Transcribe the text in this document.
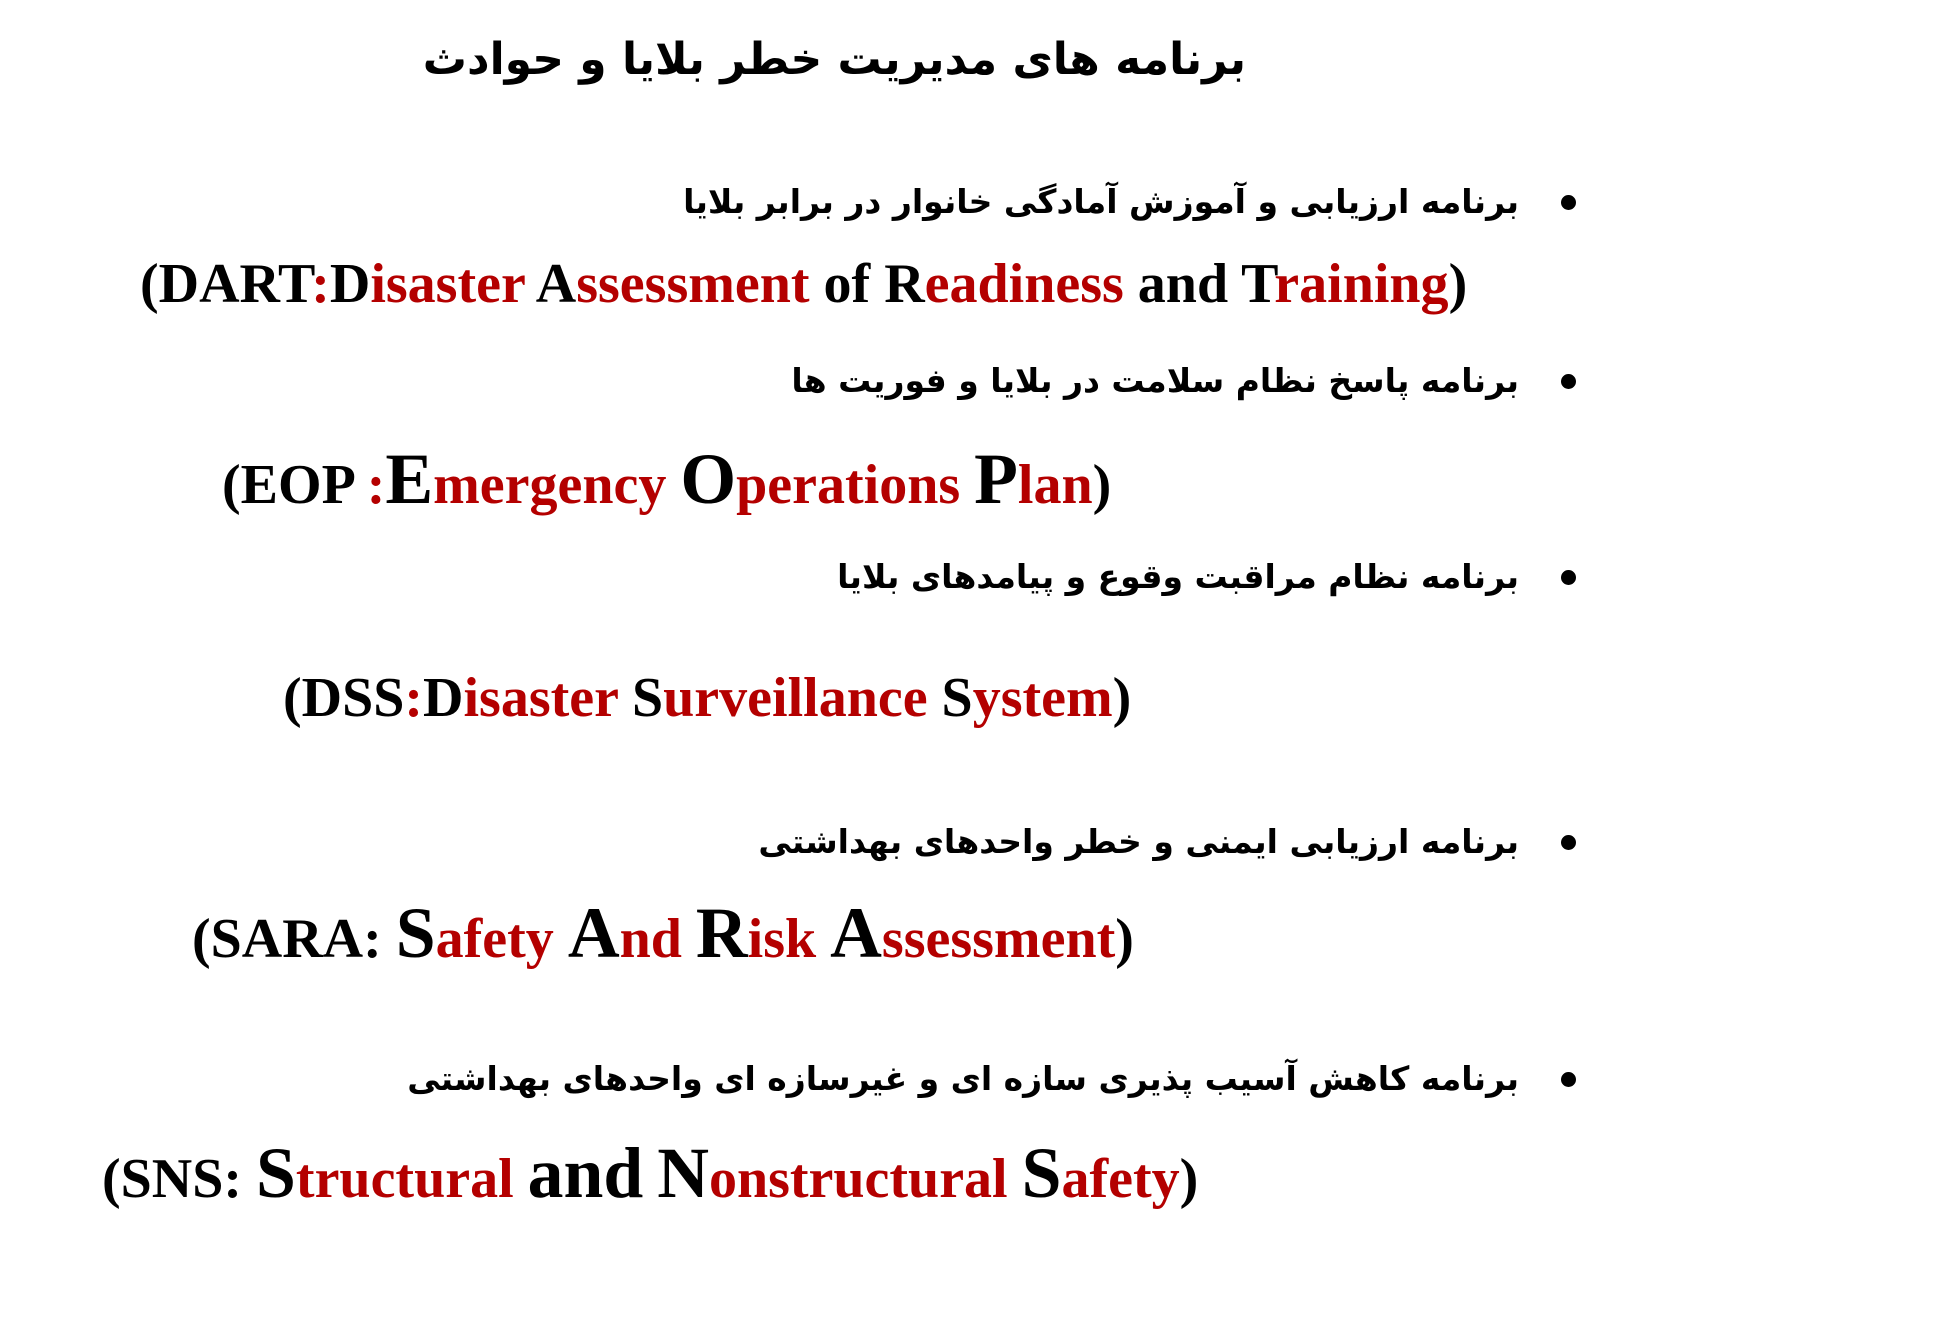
برنامه های مدیریت خطر بلایا و حوادث
برنامه ارزیابی و آموزش آمادگی خانوار در برابر بلایا
(DART:Disaster Assessment of Readiness and Training)
برنامه پاسخ نظام سلامت در بلایا و فوریت ها
(EOP :Emergency Operations Plan)
برنامه نظام مراقبت وقوع و پیامدهای بلایا
(DSS:Disaster Surveillance System)
برنامه ارزیابی ایمنی و خطر واحدهای بهداشتی
(SARA: Safety And Risk Assessment)
برنامه کاهش آسیب پذیری سازه ای و غیرسازه ای واحدهای بهداشتی
(SNS: Structural and Nonstructural Safety)
